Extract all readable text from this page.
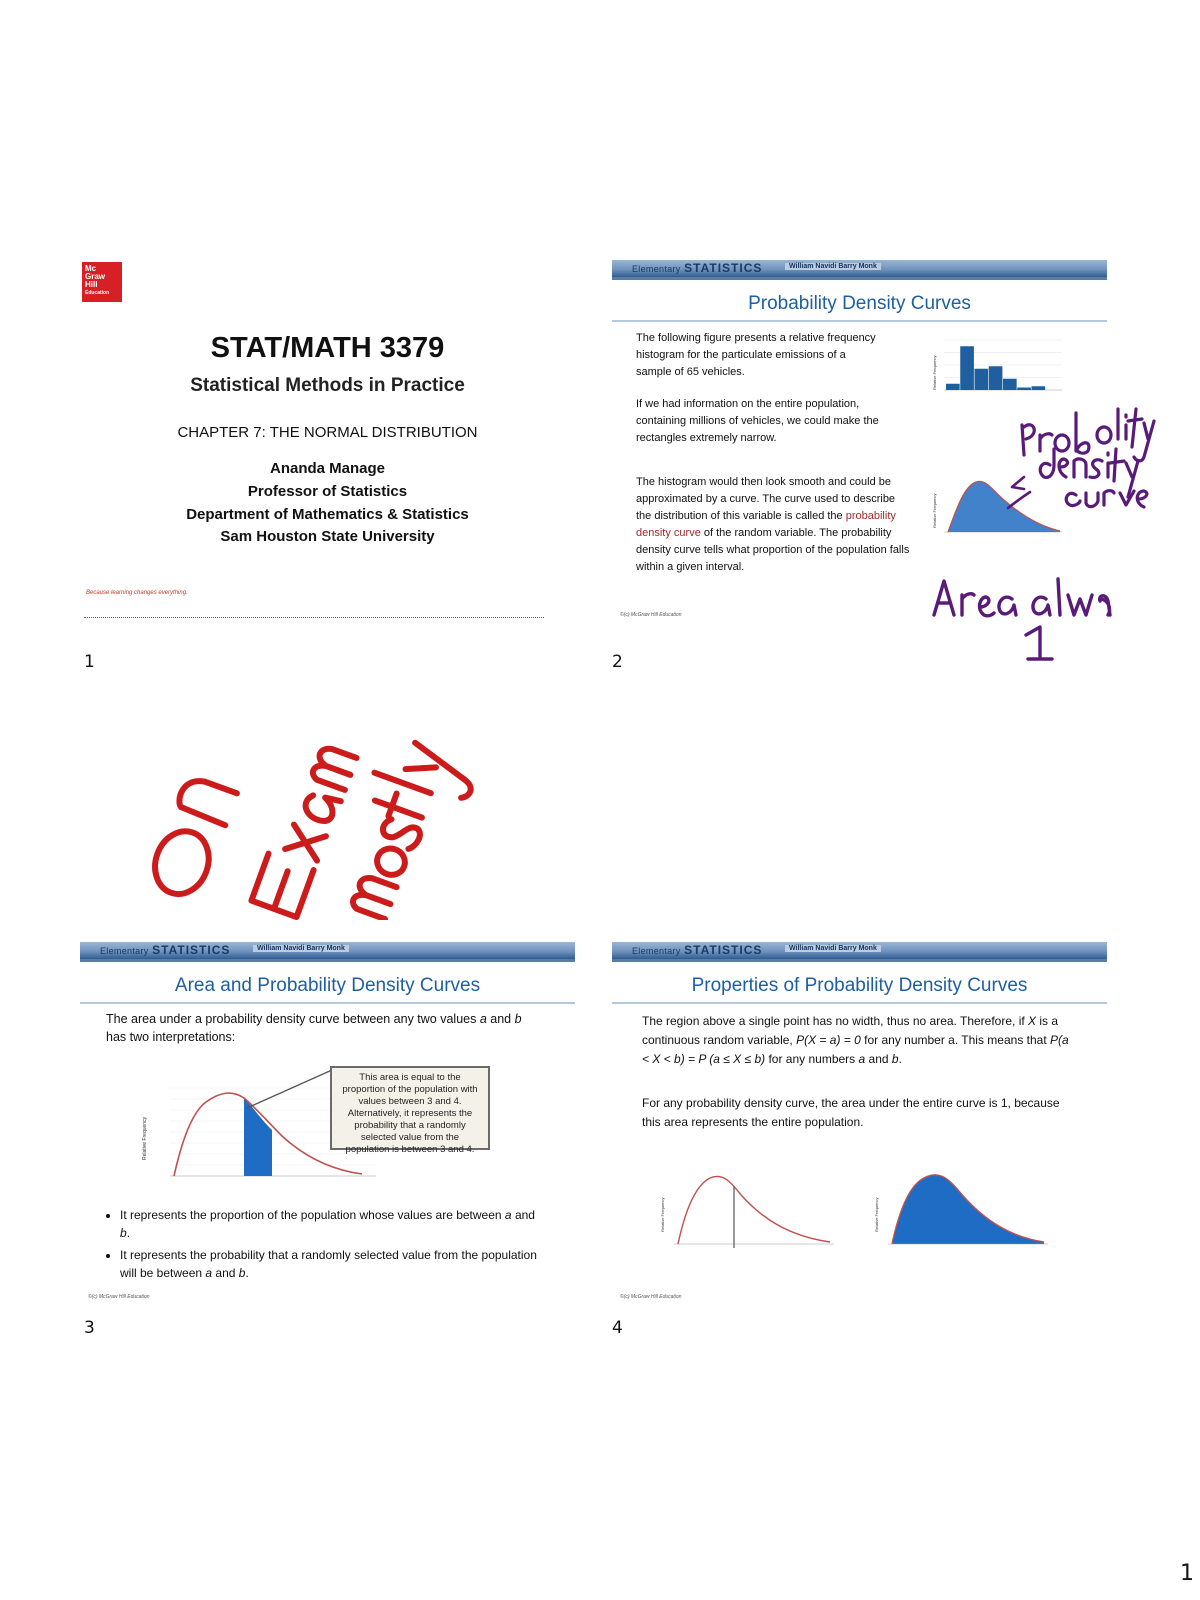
Mc
Graw
Hill
Education
STAT/MATH 3379
Statistical Methods in Practice
CHAPTER 7: THE NORMAL DISTRIBUTION
Ananda Manage
Professor of Statistics
Department of Mathematics & Statistics
Sam Houston State University
Because learning changes everything.
1
Elementary STATISTICS	William Navidi Barry Monk
Probability Density Curves
The following figure presents a relative frequency histogram for the particulate emissions of a sample of 65 vehicles.
If we had information on the entire population, containing millions of vehicles, we could make the rectangles extremely narrow.
The histogram would then look smooth and could be approximated by a curve. The curve used to describe the distribution of this variable is called the probability density curve of the random variable. The probability density curve tells what proportion of the population falls within a given interval.
©(c) McGraw Hill Education
Relative Frequency
Relative Frequency
2
Elementary STATISTICS	William Navidi Barry Monk
Area and Probability Density Curves
The area under a probability density curve between any two values a and b has two interpretations:
Relative Frequency
This area is equal to the proportion of the population with values between 3 and 4. Alternatively, it represents the probability that a randomly selected value from the population is between 3 and 4.
• It represents the proportion of the population whose values are between a and b.
• It represents the probability that a randomly selected value from the population will be between a and b.
©(c) McGraw Hill Education
3
Elementary STATISTICS	William Navidi Barry Monk
Properties of Probability Density Curves
The region above a single point has no width, thus no area. Therefore, if X is a continuous random variable, P(X = a) = 0 for any number a. This means that P(a < X < b) = P (a ≤ X ≤ b) for any numbers a and b.
For any probability density curve, the area under the entire curve is 1, because this area represents the entire population.
Relative Frequency	Relative Frequency
©(c) McGraw Hill Education
4
1
